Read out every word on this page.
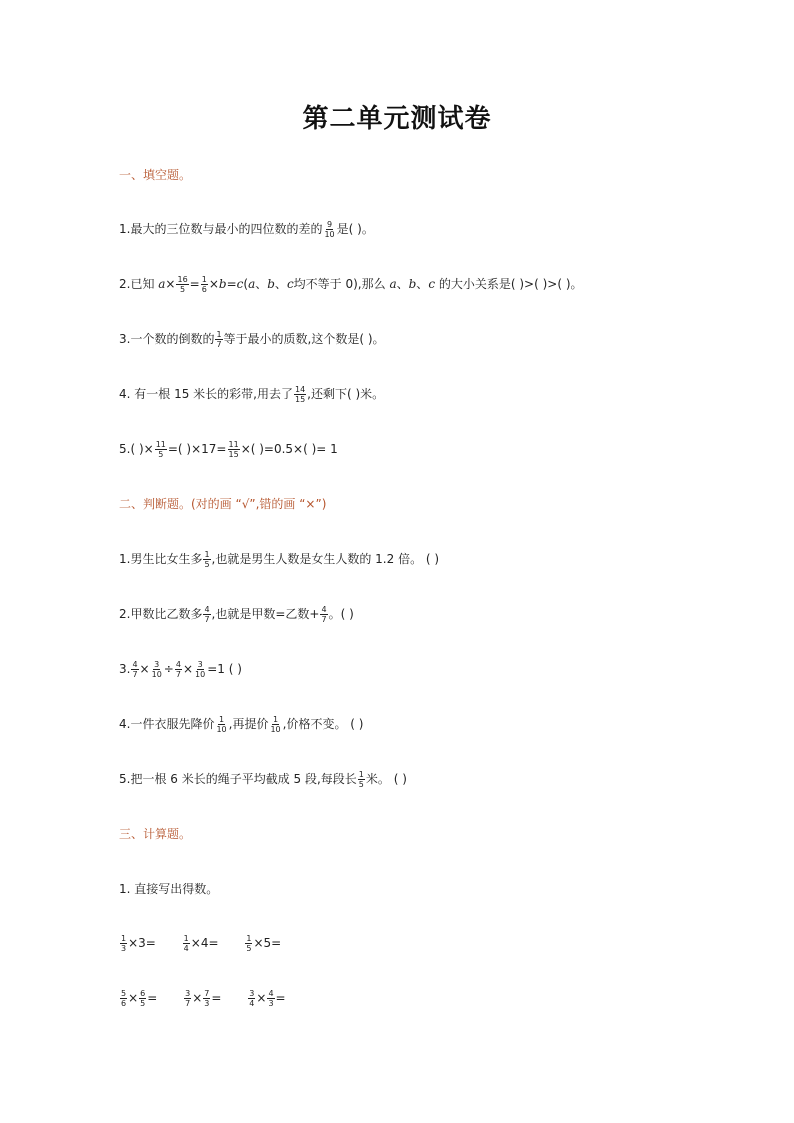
第二单元测试卷
一、填空题。
1.最大的三位数与最小的四位数的差的 $\frac{9}{10}$ 是( )。
2.已知 $a\times \frac{16}{5} = \frac{1}{6} \times b=c(a$、b、c均不等于 0),那么 a、b、c 的大小关系是( )>( )>( )。
3.一个数的倒数的 $\frac{1}{7}$ 等于最小的质数,这个数是( )。
4. 有一根 15 米长的彩带,用去了 $\frac{14}{15}$ ,还剩下( )米。
5.( )× $\frac{11}{5}$ =( )$\times 17= \frac{11}{15}$ ×( )=0.5×( )= 1
二、判断题。(对的画 “√”,错的画 “×”)
1.男生比女生多 $\frac{1}{5}$ ,也就是男生人数是女生人数的 1.2 倍。 ( )
2.甲数比乙数多 $\frac{4}{7}$ ,也就是甲数=乙数+ $\frac{4}{7}$ 。( )
3. $\frac{4}{7} \times \frac{3}{10} \div \frac{4}{7} \times \frac{3}{10} =1$ ( )
4.一件衣服先降价 $\frac{1}{10}$ ,再提价 $\frac{1}{10}$ ,价格不变。 ( )
5.把一根 6 米长的绳子平均截成 5 段,每段长 $\frac{1}{5}$ 米。 ( )
三、计算题。
1. 直接写出得数。
$\frac{1}{3} \times 3=$	$\frac{1}{4} \times 4=$	$\frac{1}{5} \times 5=$
$\frac{5}{6} \times \frac{6}{5}$ =	$\frac{3}{7} \times \frac{7}{3}$ =	$\frac{3}{4} \times \frac{4}{3}$ =
